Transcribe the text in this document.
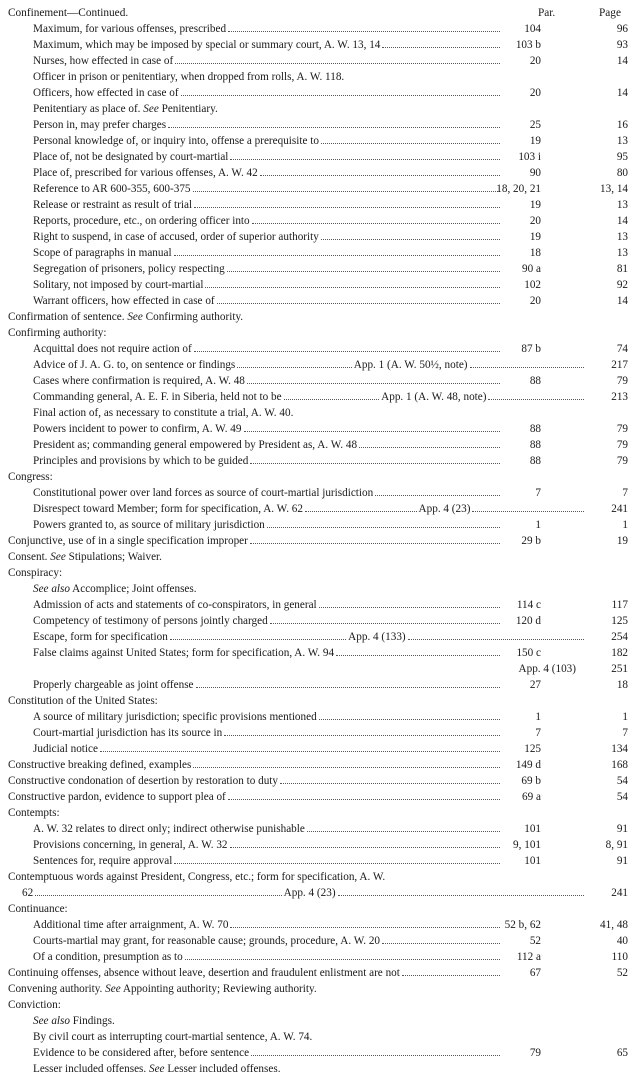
Confinement—Continued.	Par.	Page
Maximum, for various offenses, prescribed	104	96
Maximum, which may be imposed by special or summary court, A. W. 13, 14	103 b	93
Nurses, how effected in case of	20	14
Officer in prison or penitentiary, when dropped from rolls, A. W. 118.
Officers, how effected in case of	20	14
Penitentiary as place of. See Penitentiary.
Person in, may prefer charges	25	16
Personal knowledge of, or inquiry into, offense a prerequisite to	19	13
Place of, not be designated by court-martial	103 i	95
Place of, prescribed for various offenses, A. W. 42	90	80
Reference to AR 600-355, 600-375	18, 20, 21	13, 14
Release or restraint as result of trial	19	13
Reports, procedure, etc., on ordering officer into	20	14
Right to suspend, in case of accused, order of superior authority	19	13
Scope of paragraphs in manual	18	13
Segregation of prisoners, policy respecting	90 a	81
Solitary, not imposed by court-martial	102	92
Warrant officers, how effected in case of	20	14
Confirmation of sentence. See Confirming authority.
Confirming authority:
Acquittal does not require action of	87 b	74
Advice of J. A. G. to, on sentence or findings	App. 1 (A. W. 50½, note)	217
Cases where confirmation is required, A. W. 48	88	79
Commanding general, A. E. F. in Siberia, held not to be	App. 1 (A. W. 48, note)	213
Final action of, as necessary to constitute a trial, A. W. 40.
Powers incident to power to confirm, A. W. 49	88	79
President as; commanding general empowered by President as, A. W. 48	88	79
Principles and provisions by which to be guided	88	79
Congress:
Constitutional power over land forces as source of court-martial jurisdiction	7	7
Disrespect toward Member; form for specification, A. W. 62	App. 4 (23)	241
Powers granted to, as source of military jurisdiction	1	1
Conjunctive, use of in a single specification improper	29 b	19
Consent. See Stipulations; Waiver.
Conspiracy:
See also Accomplice; Joint offenses.
Admission of acts and statements of co-conspirators, in general	114 c	117
Competency of testimony of persons jointly charged	120 d	125
Escape, form for specification	App. 4 (133)	254
False claims against United States; form for specification, A. W. 94	150 c	182
App. 4 (103)	251
Properly chargeable as joint offense	27	18
Constitution of the United States:
A source of military jurisdiction; specific provisions mentioned	1	1
Court-martial jurisdiction has its source in	7	7
Judicial notice	125	134
Constructive breaking defined, examples	149 d	168
Constructive condonation of desertion by restoration to duty	69 b	54
Constructive pardon, evidence to support plea of	69 a	54
Contempts:
A. W. 32 relates to direct only; indirect otherwise punishable	101	91
Provisions concerning, in general, A. W. 32	9, 101	8, 91
Sentences for, require approval	101	91
Contemptuous words against President, Congress, etc.; form for specification, A. W.
62	App. 4 (23)	241
Continuance:
Additional time after arraignment, A. W. 70	52 b, 62	41, 48
Courts-martial may grant, for reasonable cause; grounds, procedure, A. W. 20	52	40
Of a condition, presumption as to	112 a	110
Continuing offenses, absence without leave, desertion and fraudulent enlistment are not	67	52
Convening authority. See Appointing authority; Reviewing authority.
Conviction:
See also Findings.
By civil court as interrupting court-martial sentence, A. W. 74.
Evidence to be considered after, before sentence	79	65
Lesser included offenses. See Lesser included offenses.
